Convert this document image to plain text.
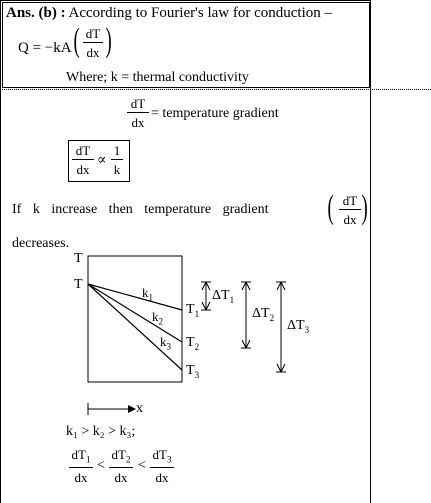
Ans. (b) : According to Fourier's law for conduction –
Q = −kA ( dT
dx )
Where; k = thermal conductivity
dT
dx
= temperature gradient
dT
dx
∝
1
k
If k increase then temperature gradient ( dT
dx )
decreases.
T
T
$k_1$
$k_2$
$k_3$
$T_1$
$T_2$
$T_3$
$\Delta T_1$
$\Delta T_2$
$\Delta T_3$
x
k₁ > k₂ > k₃;
$dT_1$
dx
<
$dT_2$
dx
<
$dT_3$
dx
